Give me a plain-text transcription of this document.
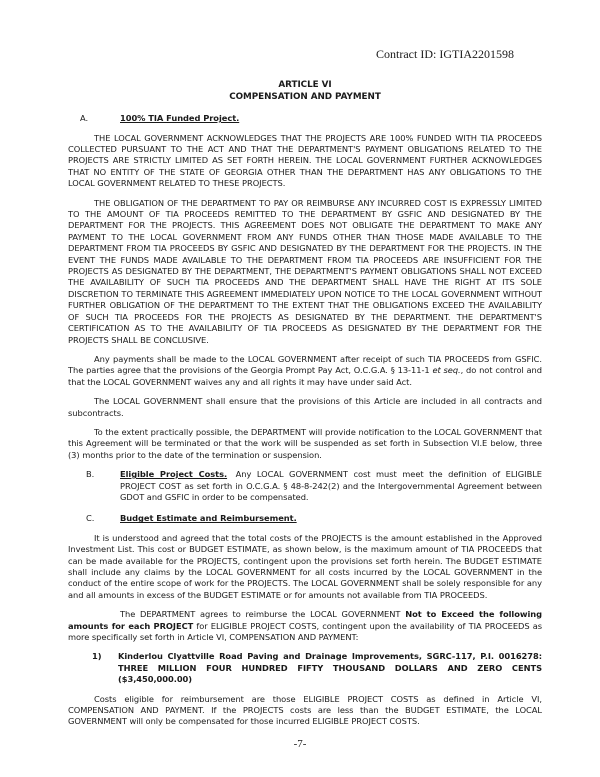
Contract ID: IGTIA2201598
ARTICLE VI
COMPENSATION AND PAYMENT
A.	100% TIA Funded Project.

THE LOCAL GOVERNMENT ACKNOWLEDGES THAT THE PROJECTS ARE 100% FUNDED WITH TIA PROCEEDS COLLECTED PURSUANT TO THE ACT AND THAT THE DEPARTMENT'S PAYMENT OBLIGATIONS RELATED TO THE PROJECTS ARE STRICTLY LIMITED AS SET FORTH HEREIN. THE LOCAL GOVERNMENT FURTHER ACKNOWLEDGES THAT NO ENTITY OF THE STATE OF GEORGIA OTHER THAN THE DEPARTMENT HAS ANY OBLIGATIONS TO THE LOCAL GOVERNMENT RELATED TO THESE PROJECTS.

THE OBLIGATION OF THE DEPARTMENT TO PAY OR REIMBURSE ANY INCURRED COST IS EXPRESSLY LIMITED TO THE AMOUNT OF TIA PROCEEDS REMITTED TO THE DEPARTMENT BY GSFIC AND DESIGNATED BY THE DEPARTMENT FOR THE PROJECTS. THIS AGREEMENT DOES NOT OBLIGATE THE DEPARTMENT TO MAKE ANY PAYMENT TO THE LOCAL GOVERNMENT FROM ANY FUNDS OTHER THAN THOSE MADE AVAILABLE TO THE DEPARTMENT FROM TIA PROCEEDS BY GSFIC AND DESIGNATED BY THE DEPARTMENT FOR THE PROJECTS. IN THE EVENT THE FUNDS MADE AVAILABLE TO THE DEPARTMENT FROM TIA PROCEEDS ARE INSUFFICIENT FOR THE PROJECTS AS DESIGNATED BY THE DEPARTMENT, THE DEPARTMENT'S PAYMENT OBLIGATIONS SHALL NOT EXCEED THE AVAILABILITY OF SUCH TIA PROCEEDS AND THE DEPARTMENT SHALL HAVE THE RIGHT AT ITS SOLE DISCRETION TO TERMINATE THIS AGREEMENT IMMEDIATELY UPON NOTICE TO THE LOCAL GOVERNMENT WITHOUT FURTHER OBLIGATION OF THE DEPARTMENT TO THE EXTENT THAT THE OBLIGATIONS EXCEED THE AVAILABILITY OF SUCH TIA PROCEEDS FOR THE PROJECTS AS DESIGNATED BY THE DEPARTMENT. THE DEPARTMENT'S CERTIFICATION AS TO THE AVAILABILITY OF TIA PROCEEDS AS DESIGNATED BY THE DEPARTMENT FOR THE PROJECTS SHALL BE CONCLUSIVE.

Any payments shall be made to the LOCAL GOVERNMENT after receipt of such TIA PROCEEDS from GSFIC. The parties agree that the provisions of the Georgia Prompt Pay Act, O.C.G.A. § 13-11-1 et seq., do not control and that the LOCAL GOVERNMENT waives any and all rights it may have under said Act.

The LOCAL GOVERNMENT shall ensure that the provisions of this Article are included in all contracts and subcontracts.

To the extent practically possible, the DEPARTMENT will provide notification to the LOCAL GOVERNMENT that this Agreement will be terminated or that the work will be suspended as set forth in Subsection VI.E below, three (3) months prior to the date of the termination or suspension.

B.	Eligible Project Costs. Any LOCAL GOVERNMENT cost must meet the definition of ELIGIBLE PROJECT COST as set forth in O.C.G.A. § 48-8-242(2) and the Intergovernmental Agreement between GDOT and GSFIC in order to be compensated.
C.	Budget Estimate and Reimbursement.

It is understood and agreed that the total costs of the PROJECTS is the amount established in the Approved Investment List. This cost or BUDGET ESTIMATE, as shown below, is the maximum amount of TIA PROCEEDS that can be made available for the PROJECTS, contingent upon the provisions set forth herein. The BUDGET ESTIMATE shall include any claims by the LOCAL GOVERNMENT for all costs incurred by the LOCAL GOVERNMENT in the conduct of the entire scope of work for the PROJECTS. The LOCAL GOVERNMENT shall be solely responsible for any and all amounts in excess of the BUDGET ESTIMATE or for amounts not available from TIA PROCEEDS.

The DEPARTMENT agrees to reimburse the LOCAL GOVERNMENT Not to Exceed the following amounts for each PROJECT for ELIGIBLE PROJECT COSTS, contingent upon the availability of TIA PROCEEDS as more specifically set forth in Article VI, COMPENSATION AND PAYMENT:

1)	Kinderlou Clyattville Road Paving and Drainage Improvements, SGRC-117, P.I. 0016278: THREE MILLION FOUR HUNDRED FIFTY THOUSAND DOLLARS AND ZERO CENTS ($3,450,000.00)

Costs eligible for reimbursement are those ELIGIBLE PROJECT COSTS as defined in Article VI, COMPENSATION AND PAYMENT. If the PROJECTS costs are less than the BUDGET ESTIMATE, the LOCAL GOVERNMENT will only be compensated for those incurred ELIGIBLE PROJECT COSTS.

-7-
